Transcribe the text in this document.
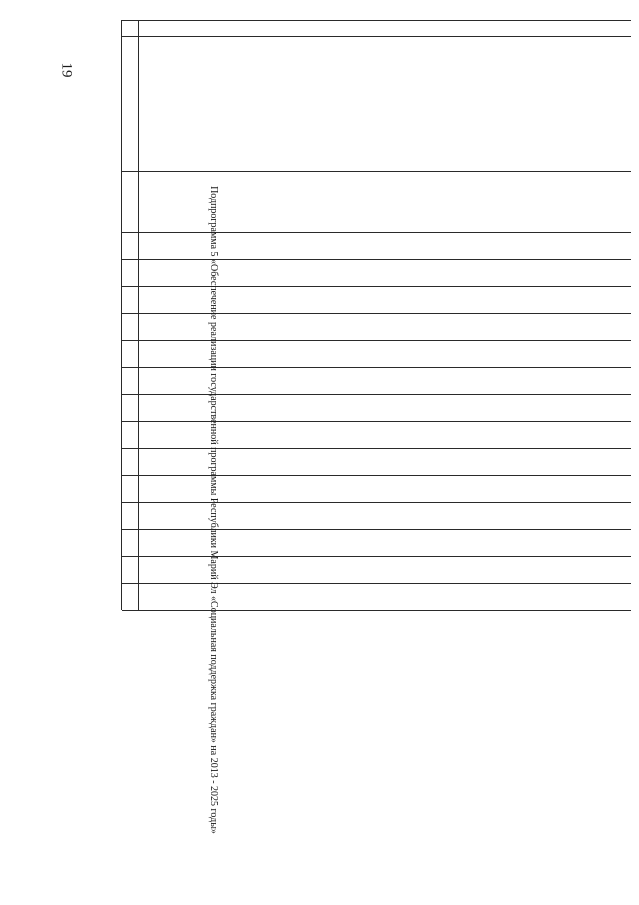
19
Подпрограмма 5 «Обеспечение реализации государственной программы Республики Марий Эл «Социальная поддержка граждан» на 2013 - 2025 годы»
